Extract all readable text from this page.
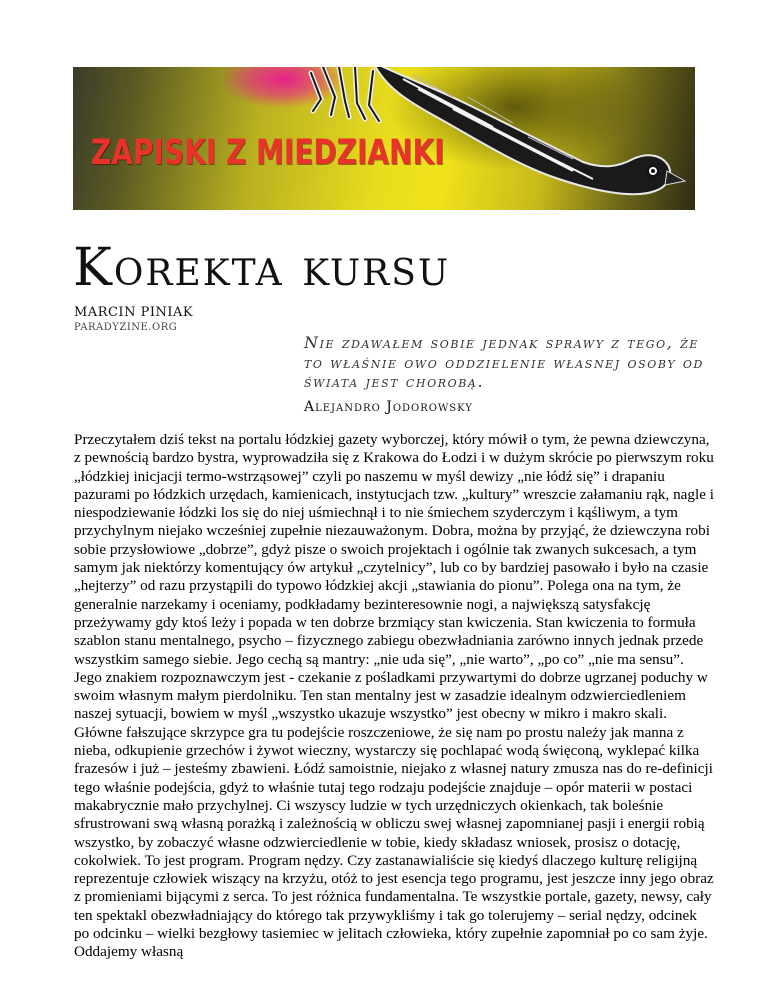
ZAPISKI Z MIEDZIANKI
Korekta kursu
MARCIN PINIAK
PARADYZINE.ORG

Nie zdawałem sobie jednak sprawy z tego, że to właśnie owo oddzielenie własnej osoby od świata jest chorobą.

Alejandro Jodorowsky

Przeczytałem dziś tekst na portalu łódzkiej gazety wyborczej, który mówił o tym, że pewna dziewczyna, z pewnością bardzo bystra, wyprowadziła się z Krakowa do Łodzi i w dużym skrócie po pierwszym roku „łódzkiej inicjacji termo-wstrząsowej” czyli po naszemu w myśl dewizy „nie łódź się” i drapaniu pazurami po łódzkich urzędach, kamienicach, instytucjach tzw. „kultury” wreszcie załamaniu rąk, nagle i niespodziewanie łódzki los się do niej uśmiechnął i to nie śmiechem szyderczym i kąśliwym, a tym przychylnym niejako wcześniej zupełnie niezauważonym. Dobra, można by przyjąć, że dziewczyna robi sobie przysłowiowe „dobrze”, gdyż pisze o swoich projektach i ogólnie tak zwanych sukcesach, a tym samym jak niektórzy komentujący ów artykuł „czytelnicy”, lub co by bardziej pasowało i było na czasie „hejterzy” od razu przystąpili do typowo łódzkiej akcji „stawiania do pionu”. Polega ona na tym, że generalnie narzekamy i oceniamy, podkładamy bezinteresownie nogi, a największą satysfakcję przeżywamy gdy ktoś leży i popada w ten dobrze brzmiący stan kwiczenia. Stan kwiczenia to formuła szablon stanu mentalnego, psycho – fizycznego zabiegu obezwładniania zarówno innych jednak przede wszystkim samego siebie. Jego cechą są mantry: „nie uda się”, „nie warto”, „po co” „nie ma sensu”. Jego znakiem rozpoznawczym jest - czekanie z pośladkami przywartymi do dobrze ugrzanej poduchy w swoim własnym małym pierdolniku. Ten stan mentalny jest w zasadzie idealnym odzwierciedleniem naszej sytuacji, bowiem w myśl „wszystko ukazuje wszystko” jest obecny w mikro i makro skali. Główne fałszujące skrzypce gra tu podejście roszczeniowe, że się nam po prostu należy jak manna z nieba, odkupienie grzechów i żywot wieczny, wystarczy się pochlapać wodą święconą, wyklepać kilka frazesów i już – jesteśmy zbawieni. Łódź samoistnie, niejako z własnej natury zmusza nas do re-definicji tego właśnie podejścia, gdyż to właśnie tutaj tego rodzaju podejście znajduje – opór materii w postaci makabrycznie mało przychylnej. Ci wszyscy ludzie w tych urzędniczych okienkach, tak boleśnie sfrustrowani swą własną porażką i zależnością w obliczu swej własnej zapomnianej pasji i energii robią wszystko, by zobaczyć własne odzwierciedlenie w tobie, kiedy składasz wniosek, prosisz o dotację, cokolwiek. To jest program. Program nędzy. Czy zastanawialiście się kiedyś dlaczego kulturę religijną reprezentuje człowiek wiszący na krzyżu, otóż to jest esencja tego programu, jest jeszcze inny jego obraz z promieniami bijącymi z serca. To jest różnica fundamentalna. Te wszystkie portale, gazety, newsy, cały ten spektakl obezwładniający do którego tak przywykliśmy i tak go tolerujemy – serial nędzy, odcinek po odcinku – wielki bezgłowy tasiemiec w jelitach człowieka, który zupełnie zapomniał po co sam żyje. Oddajemy własną
